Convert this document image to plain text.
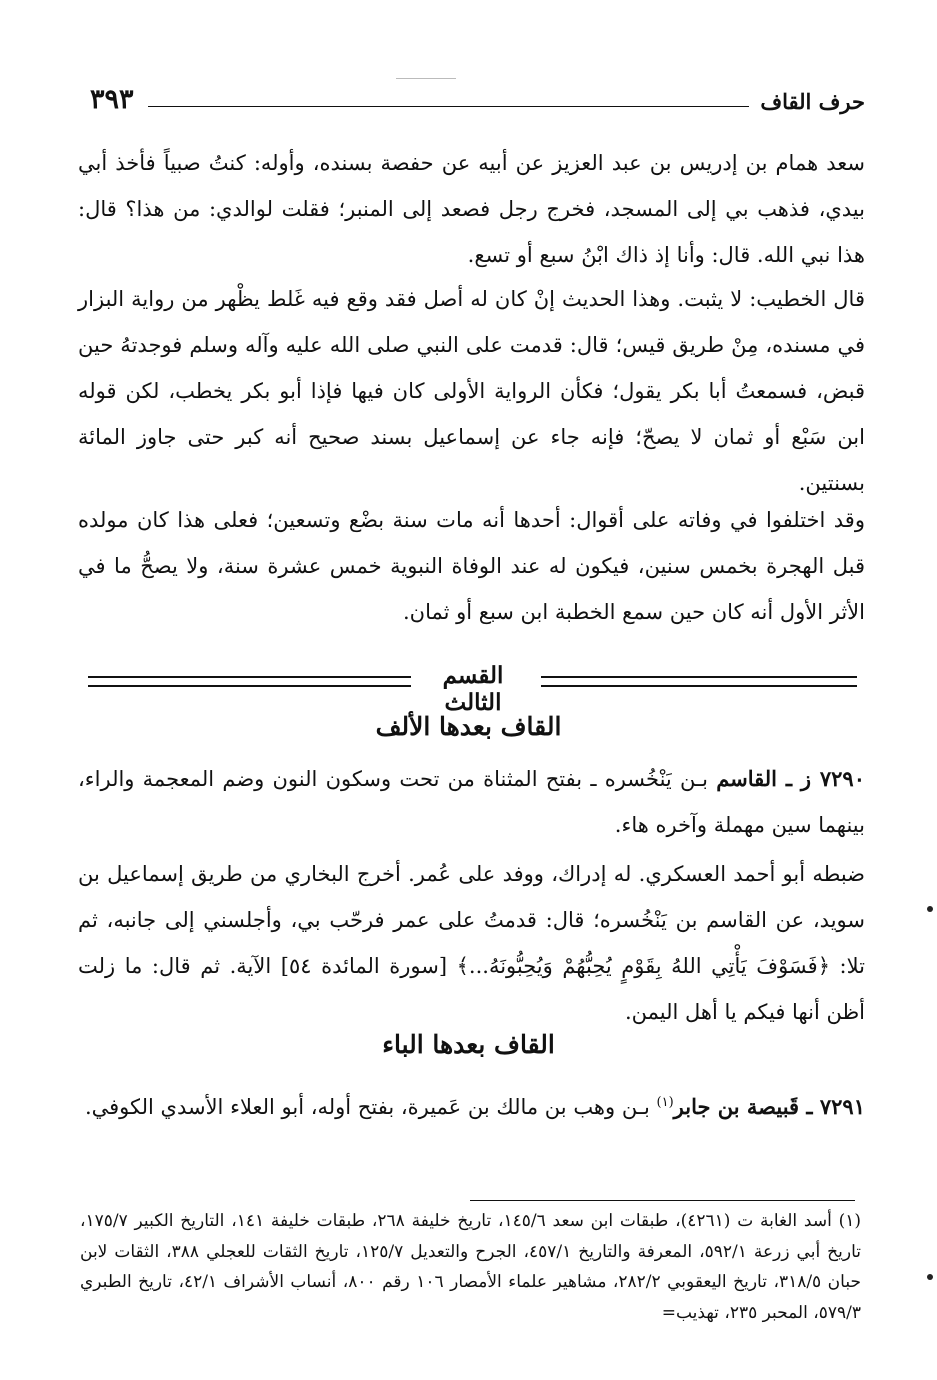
٣٩٣	حرف القاف

سعد همام بن إدريس بن عبد العزيز عن أبيه عن حفصة بسنده، وأوله: كنتُ صبياً فأخذ أبي بيدي، فذهب بي إلى المسجد، فخرج رجل فصعد إلى المنبر؛ فقلت لوالدي: من هذا؟ قال: هذا نبي الله. قال: وأنا إذ ذاك ابْنُ سبع أو تسع.

قال الخطيب: لا يثبت. وهذا الحديث إنْ كان له أصل فقد وقع فيه غَلط يظْهر من رواية البزار في مسنده، مِنْ طريق قيس؛ قال: قدمت على النبي صلى الله عليه وآله وسلم فوجدتهُ حين قبض، فسمعتُ أبا بكر يقول؛ فكأن الرواية الأولى كان فيها فإذا أبو بكر يخطب، لكن قوله ابن سَبْع أو ثمان لا يصحّ؛ فإنه جاء عن إسماعيل بسند صحيح أنه كبر حتى جاوز المائة بسنتين.

وقد اختلفوا في وفاته على أقوال: أحدها أنه مات سنة بضْع وتسعين؛ فعلى هذا كان مولده قبل الهجرة بخمس سنين، فيكون له عند الوفاة النبوية خمس عشرة سنة، ولا يصحُّ ما في الأثر الأول أنه كان حين سمع الخطبة ابن سبع أو ثمان.

القسم الثالث
القاف بعدها الألف

٧٢٩٠ ز ـ القاسم بـن يَنْخُسره ـ بفتح المثناة من تحت وسكون النون وضم المعجمة والراء، بينهما سين مهملة وآخره هاء.

ضبطه أبو أحمد العسكري. له إدراك، ووفد على عُمر. أخرج البخاري من طريق إسماعيل بن سويد، عن القاسم بن يَنْخُسره؛ قال: قدمتُ على عمر فرحّب بي، وأجلسني إلى جانبه، ثم تلا: ﴿فَسَوْفَ يَأْتِي اللهُ بِقَوْمٍ يُحِبُّهُمْ وَيُحِبُّونَهُ...﴾ [سورة المائدة ٥٤] الآية. ثم قال: ما زلت أظن أنها فيكم يا أهل اليمن.

القاف بعدها الباء

٧٢٩١ ـ قَبيصة بن جابر$^{(١)}$ بـن وهب بن مالك بن عَميرة، بفتح أوله، أبو العلاء الأسدي الكوفي.

(١) أسد الغابة ت (٤٢٦١)، طبقات ابن سعد ١٤٥/٦، تاريخ خليفة ٢٦٨، طبقات خليفة ١٤١، التاريخ الكبير ١٧٥/٧، تاريخ أبي زرعة ٥٩٢/١، المعرفة والتاريخ ٤٥٧/١، الجرح والتعديل ١٢٥/٧، تاريخ الثقات للعجلي ٣٨٨، الثقات لابن حبان ٣١٨/٥، تاريخ اليعقوبي ٢٨٢/٢، مشاهير علماء الأمصار ١٠٦ رقم ٨٠٠، أنساب الأشراف ٤٢/١، تاريخ الطبري ٥٧٩/٣، المحبر ٢٣٥، تهذيب=
